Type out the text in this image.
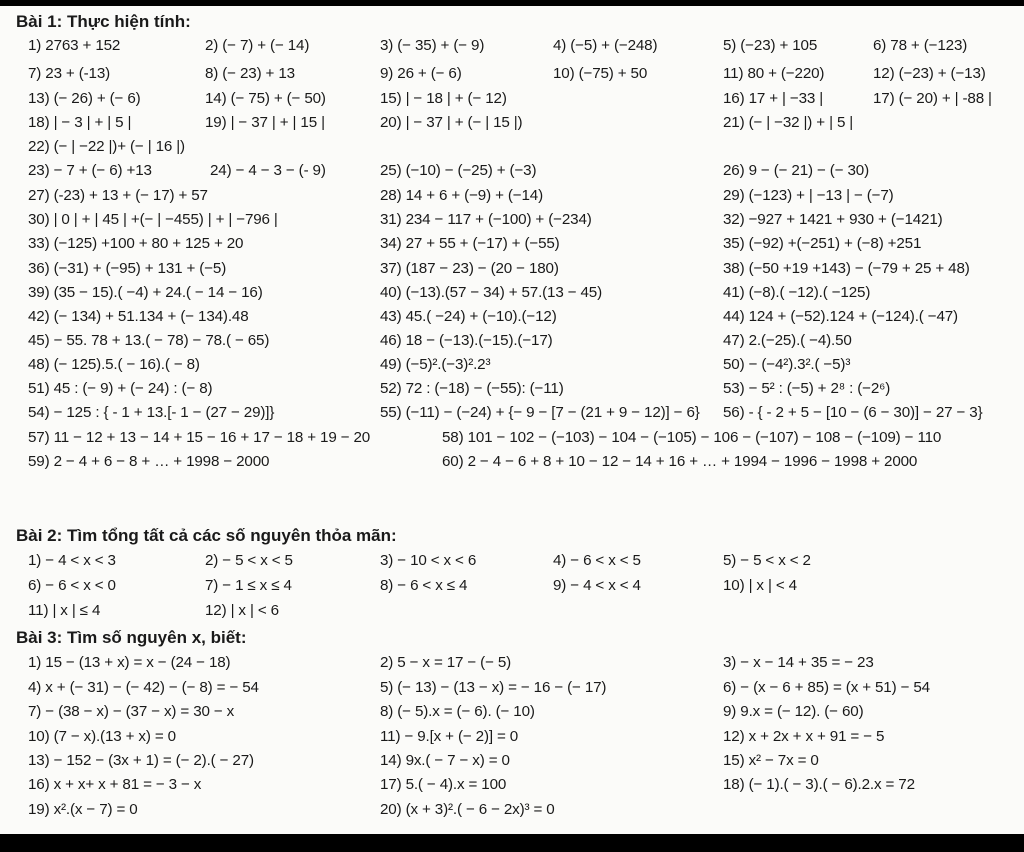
Bài 1: Thực hiện tính:
Bài 2: Tìm tổng tất cả các số nguyên thỏa mãn:
Bài 3: Tìm số nguyên x, biết:
1) 2763 + 152	2) (− 7) + (− 14)	3) (− 35) + (− 9)	4) (−5) + (−248)	5) (−23) + 105	6) 78 + (−123)
7) 23 + (-13)	8) (− 23) + 13	9) 26 + (− 6)	10) (−75) + 50	11) 80 + (−220)	12) (−23) + (−13)
13) (− 26) + (− 6)	14) (− 75) + (− 50)	15) | − 18 | + (− 12)	16) 17 + | −33 |	17) (− 20) + | -88 |
18) | − 3 | + | 5 |	19) | − 37 | + | 15 |	20) | − 37 | + (− | 15 |)	21) (− | −32 |) + | 5 |
22) (− | −22 |)+ (− | 16 |)
23) − 7 + (− 6) +13	24) − 4 − 3 − (- 9)	25) (−10) − (−25) + (−3)	26) 9 − (− 21) − (− 30)
27) (-23) + 13 + (− 17) + 57	28) 14 + 6 + (−9) + (−14)	29) (−123) + | −13 | − (−7)
30) | 0 | + | 45 | +(− | −455) | + | −796 |	31) 234 − 117 + (−100) + (−234)	32) −927 + 1421 + 930 + (−1421)
33) (−125) +100 + 80 + 125 + 20	34) 27 + 55 + (−17) + (−55)	35) (−92) +(−251) + (−8) +251
36) (−31) + (−95) + 131 + (−5)	37) (187 − 23) − (20 − 180)	38) (−50 +19 +143) − (−79 + 25 + 48)
39) (35 − 15).( −4) + 24.( − 14 − 16)	40) (−13).(57 − 34) + 57.(13 − 45)	41) (−8).( −12).( −125)
42) (− 134) + 51.134 + (− 134).48	43) 45.( −24) + (−10).(−12)	44) 124 + (−52).124 + (−124).( −47)
45) − 55. 78 + 13.( − 78) − 78.( − 65)	46) 18 − (−13).(−15).(−17)	47) 2.(−25).( −4).50
48) (− 125).5.( − 16).( − 8)	49) (−5)².(−3)².2³	50) − (−4²).3².( −5)³
51) 45 : (− 9) + (− 24) : (− 8)	52) 72 : (−18) − (−55): (−11)	53) − 5² : (−5) + 2⁸ : (−2⁶)
54) − 125 : { - 1 + 13.[- 1 − (27 − 29)]}	55) (−11) − (−24) + {− 9 − [7 − (21 + 9 − 12)] − 6} 56) - { - 2 + 5 − [10 − (6 − 30)] − 27 − 3}
57) 11 − 12 + 13 − 14 + 15 − 16 + 17 − 18 + 19 − 20	58) 101 − 102 − (−103) − 104 − (−105) − 106 − (−107) − 108 − (−109) − 110
59) 2 − 4 + 6 − 8 + … + 1998 − 2000	60) 2 − 4 − 6 + 8 + 10 − 12 − 14 + 16 + … + 1994 − 1996 − 1998 + 2000
1) − 4 < x < 3	2) − 5 < x < 5	3) − 10 < x < 6	4) − 6 < x < 5	5) − 5 < x < 2
6) − 6 < x < 0	7) − 1 ≤ x ≤ 4	8) − 6 < x ≤ 4	9) − 4 < x < 4	10) | x | < 4
11) | x | ≤ 4	12) | x | < 6
1) 15 − (13 + x) = x − (24 − 18)	2) 5 − x = 17 − (− 5)	3) − x − 14 + 35 = − 23
4) x + (− 31) − (− 42) − (− 8) = − 54	5) (− 13) − (13 − x) = − 16 − (− 17)	6) − (x − 6 + 85) = (x + 51) − 54
7) − (38 − x) − (37 − x) = 30 − x	8) (− 5).x = (− 6). (− 10)	9) 9.x = (− 12). (− 60)
10) (7 − x).(13 + x) = 0	11) − 9.[x + (− 2)] = 0	12) x + 2x + x + 91 = − 5
13) − 152 − (3x + 1) = (− 2).( − 27)	14) 9x.( − 7 − x) = 0	15) x² − 7x = 0
16) x + x+ x + 81 = − 3 − x	17) 5.( − 4).x = 100	18) (− 1).( − 3).( − 6).2.x = 72
19) x².(x − 7) = 0	20) (x + 3)².( − 6 − 2x)³ = 0
